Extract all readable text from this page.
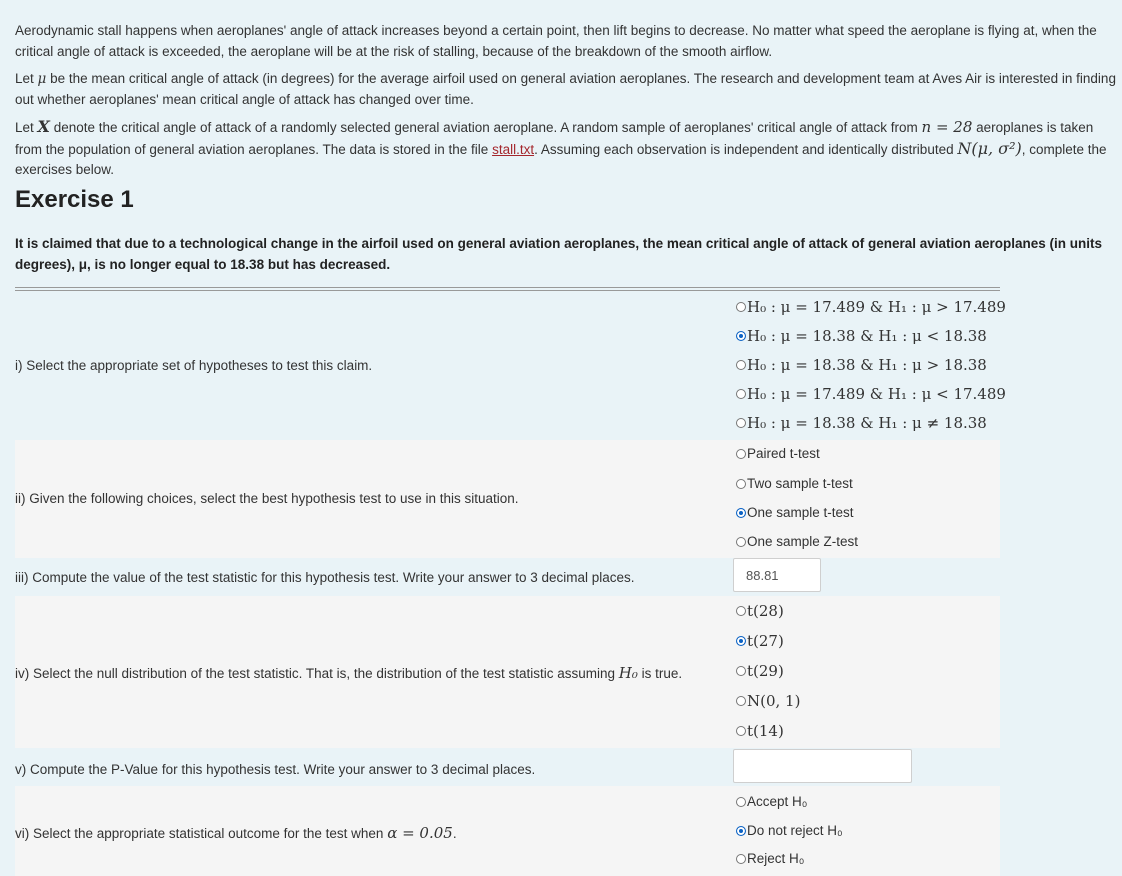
Aerodynamic stall happens when aeroplanes' angle of attack increases beyond a certain point, then lift begins to decrease. No matter what speed the aeroplane is flying at, when the critical angle of attack is exceeded, the aeroplane will be at the risk of stalling, because of the breakdown of the smooth airflow.

Let μ be the mean critical angle of attack (in degrees) for the average airfoil used on general aviation aeroplanes. The research and development team at Aves Air is interested in finding out whether aeroplanes' mean critical angle of attack has changed over time.

Let X denote the critical angle of attack of a randomly selected general aviation aeroplane. A random sample of aeroplanes' critical angle of attack from n = 28 aeroplanes is taken from the population of general aviation aeroplanes. The data is stored in the file stall.txt. Assuming each observation is independent and identically distributed N(μ, σ²), complete the exercises below.

Exercise 1

It is claimed that due to a technological change in the airfoil used on general aviation aeroplanes, the mean critical angle of attack of general aviation aeroplanes (in units degrees), μ, is no longer equal to 18.38 but has decreased.

i) Select the appropriate set of hypotheses to test this claim.
H₀ : μ = 17.489 & H₁ : μ > 17.489
H₀ : μ = 18.38 & H₁ : μ < 18.38
H₀ : μ = 18.38 & H₁ : μ > 18.38
H₀ : μ = 17.489 & H₁ : μ < 17.489
H₀ : μ = 18.38 & H₁ : μ ≠ 18.38
ii) Given the following choices, select the best hypothesis test to use in this situation.
Paired t-test
Two sample t-test
One sample t-test
One sample Z-test
iii) Compute the value of the test statistic for this hypothesis test. Write your answer to 3 decimal places.	88.81
iv) Select the null distribution of the test statistic. That is, the distribution of the test statistic assuming H₀ is true.
t(28)
t(27)
t(29)
N(0, 1)
t(14)
v) Compute the P-Value for this hypothesis test. Write your answer to 3 decimal places.
vi) Select the appropriate statistical outcome for the test when α = 0.05.
Accept H₀
Do not reject H₀
Reject H₀
